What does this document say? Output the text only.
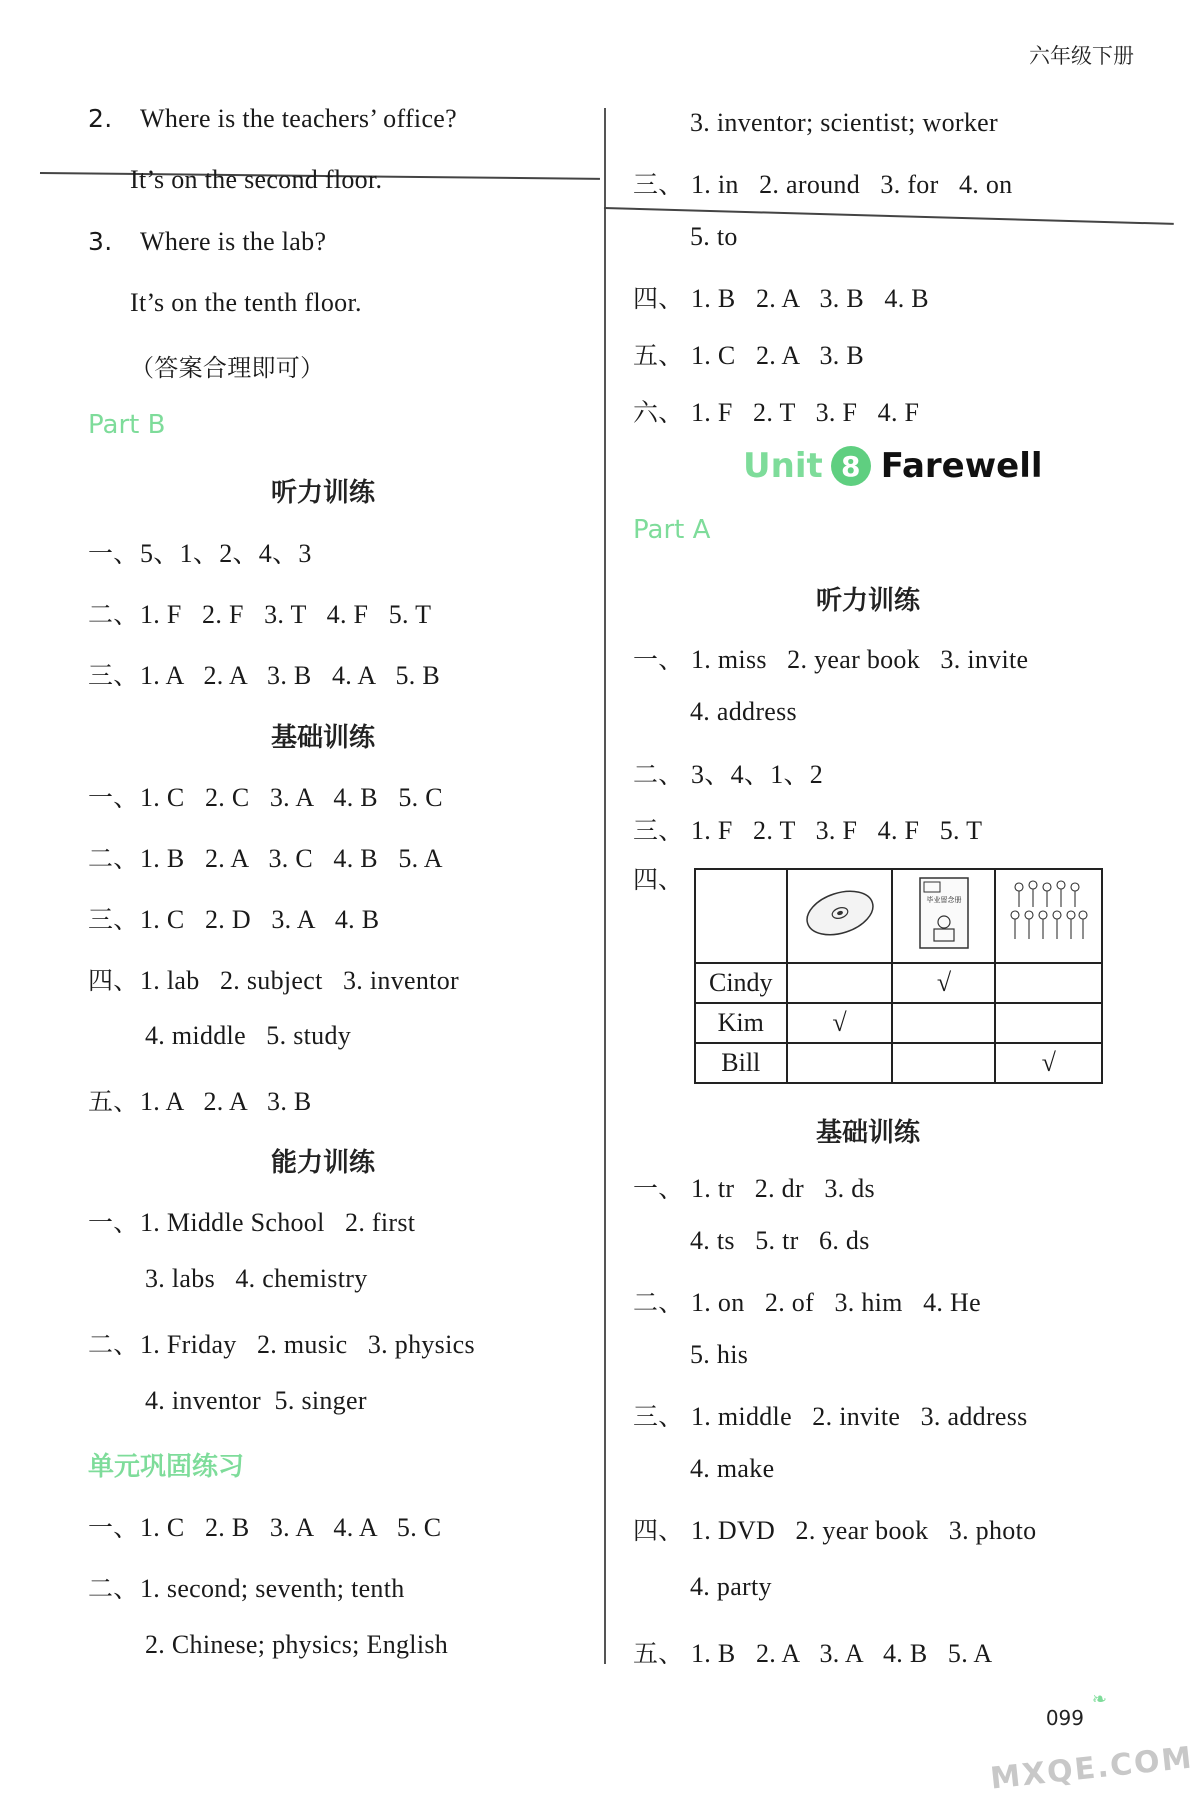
六年级下册
2. Where is the teachers’ office?
It’s on the second floor.
3. Where is the lab?
It’s on the tenth floor.
（答案合理即可）
Part B
听力训练
一、5、1、2、4、3
二、1. F   2. F   3. T   4. F   5. T
三、1. A   2. A   3. B   4. A   5. B
基础训练
一、1. C   2. C   3. A   4. B   5. C
二、1. B   2. A   3. C   4. B   5. A
三、1. C   2. D   3. A   4. B
四、1. lab   2. subject   3. inventor
4. middle   5. study
五、1. A   2. A   3. B
能力训练
一、1. Middle School   2. first
3. labs   4. chemistry
二、1. Friday   2. music   3. physics
4. inventor  5. singer
单元巩固练习
一、1. C   2. B   3. A   4. A   5. C
二、1. second; seventh; tenth
2. Chinese; physics; English
3. inventor; scientist; worker
三、 1. in   2. around   3. for   4. on
5. to
四、 1. B   2. A   3. B   4. B
五、 1. C   2. A   3. B
六、 1. F   2. T   3. F   4. F
Unit 8 Farewell
Part A
听力训练
一、 1. miss   2. year book   3. invite
4. address
二、 3、4、1、2
三、 1. F   2. T   3. F   4. F   5. T
四、

毕业留念册

Cindy		√	
Kim	√		
Bill			√
基础训练
一、 1. tr   2. dr   3. ds
4. ts   5. tr   6. ds
二、 1. on   2. of   3. him   4. He
5. his
三、 1. middle   2. invite   3. address
4. make
四、 1. DVD   2. year book   3. photo
4. party
五、 1. B   2. A   3. A   4. B   5. A
❧
099
MXQE.COM
